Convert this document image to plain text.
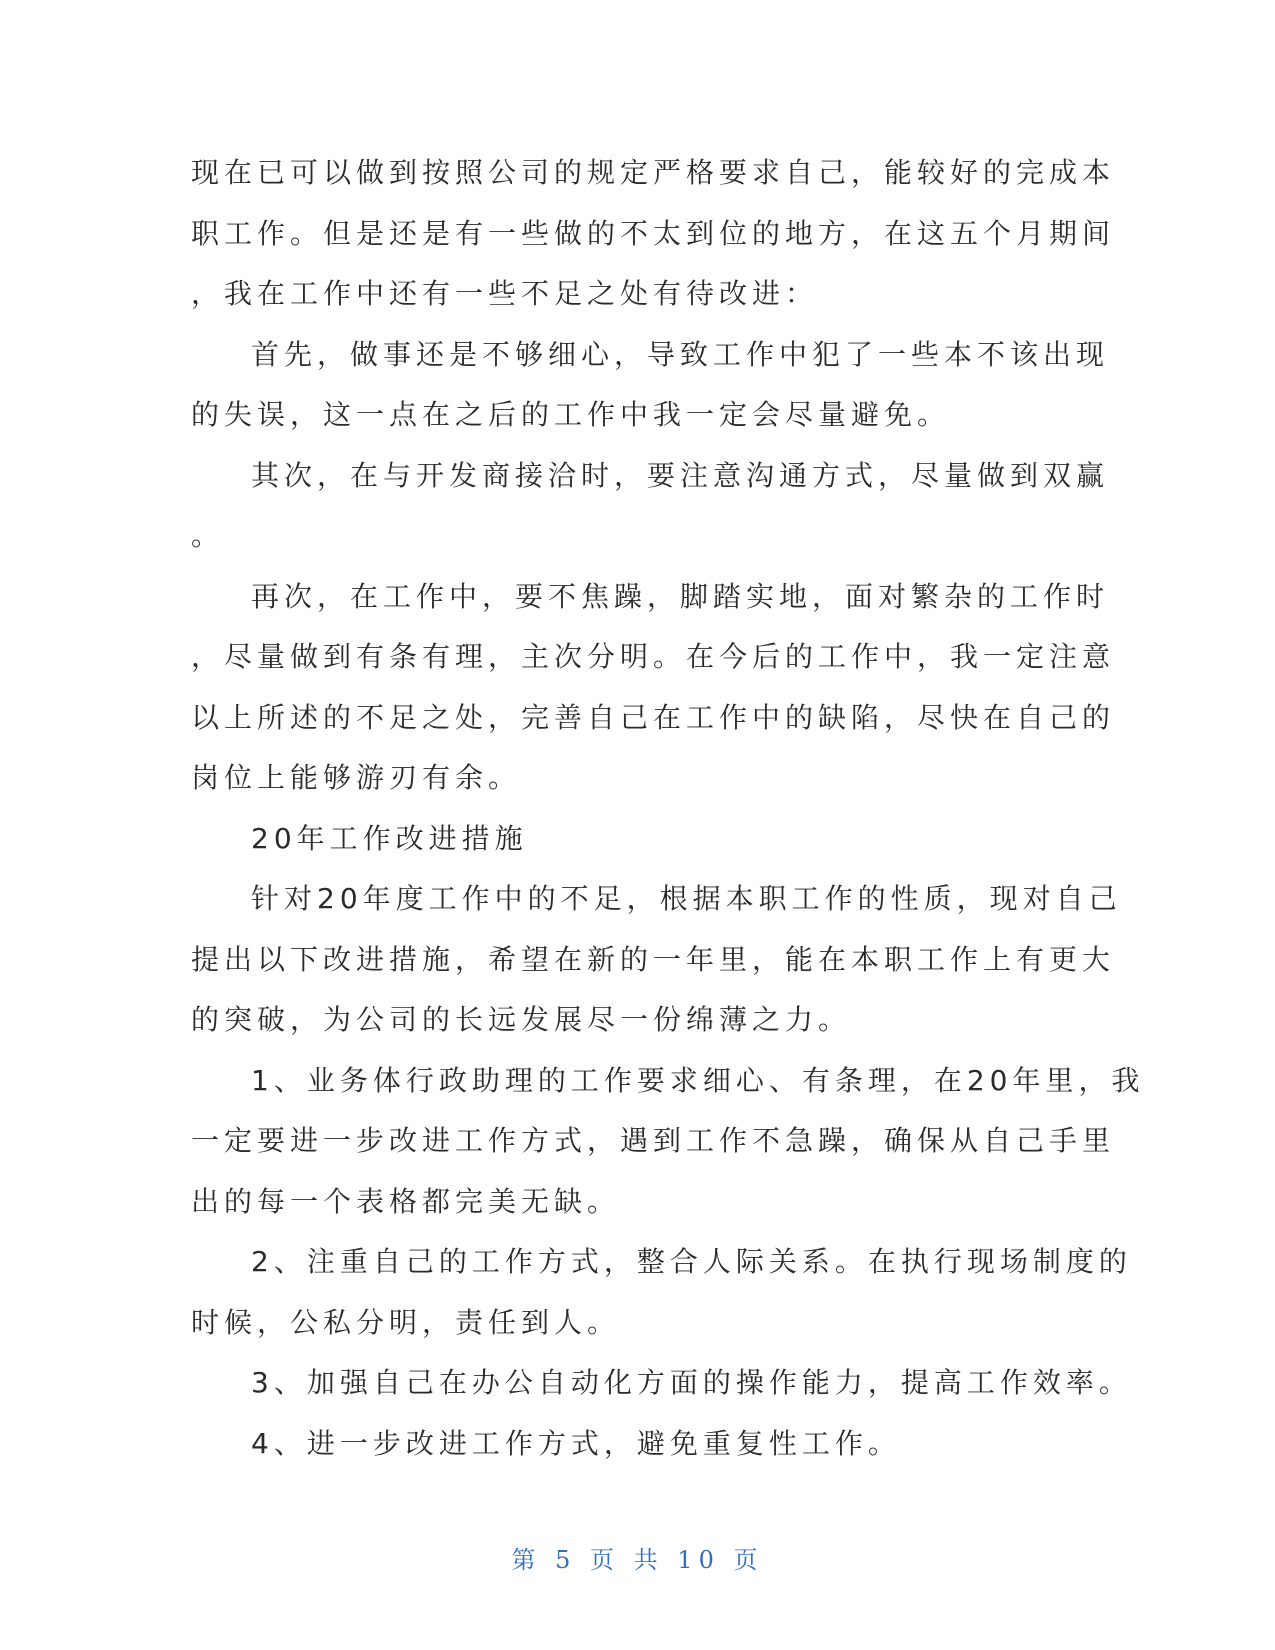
现在已可以做到按照公司的规定严格要求自己，能较好的完成本
职工作。但是还是有一些做的不太到位的地方，在这五个月期间
，我在工作中还有一些不足之处有待改进：
首先，做事还是不够细心，导致工作中犯了一些本不该出现
的失误，这一点在之后的工作中我一定会尽量避免。
其次，在与开发商接洽时，要注意沟通方式，尽量做到双赢
。
再次，在工作中，要不焦躁，脚踏实地，面对繁杂的工作时
，尽量做到有条有理，主次分明。在今后的工作中，我一定注意
以上所述的不足之处，完善自己在工作中的缺陷，尽快在自己的
岗位上能够游刃有余。
20年工作改进措施
针对20年度工作中的不足，根据本职工作的性质，现对自己
提出以下改进措施，希望在新的一年里，能在本职工作上有更大
的突破，为公司的长远发展尽一份绵薄之力。
1、业务体行政助理的工作要求细心、有条理，在20年里，我
一定要进一步改进工作方式，遇到工作不急躁，确保从自己手里
出的每一个表格都完美无缺。
2、注重自己的工作方式，整合人际关系。在执行现场制度的
时候，公私分明，责任到人。
3、加强自己在办公自动化方面的操作能力，提高工作效率。
4、进一步改进工作方式，避免重复性工作。
第 5 页 共 10 页
